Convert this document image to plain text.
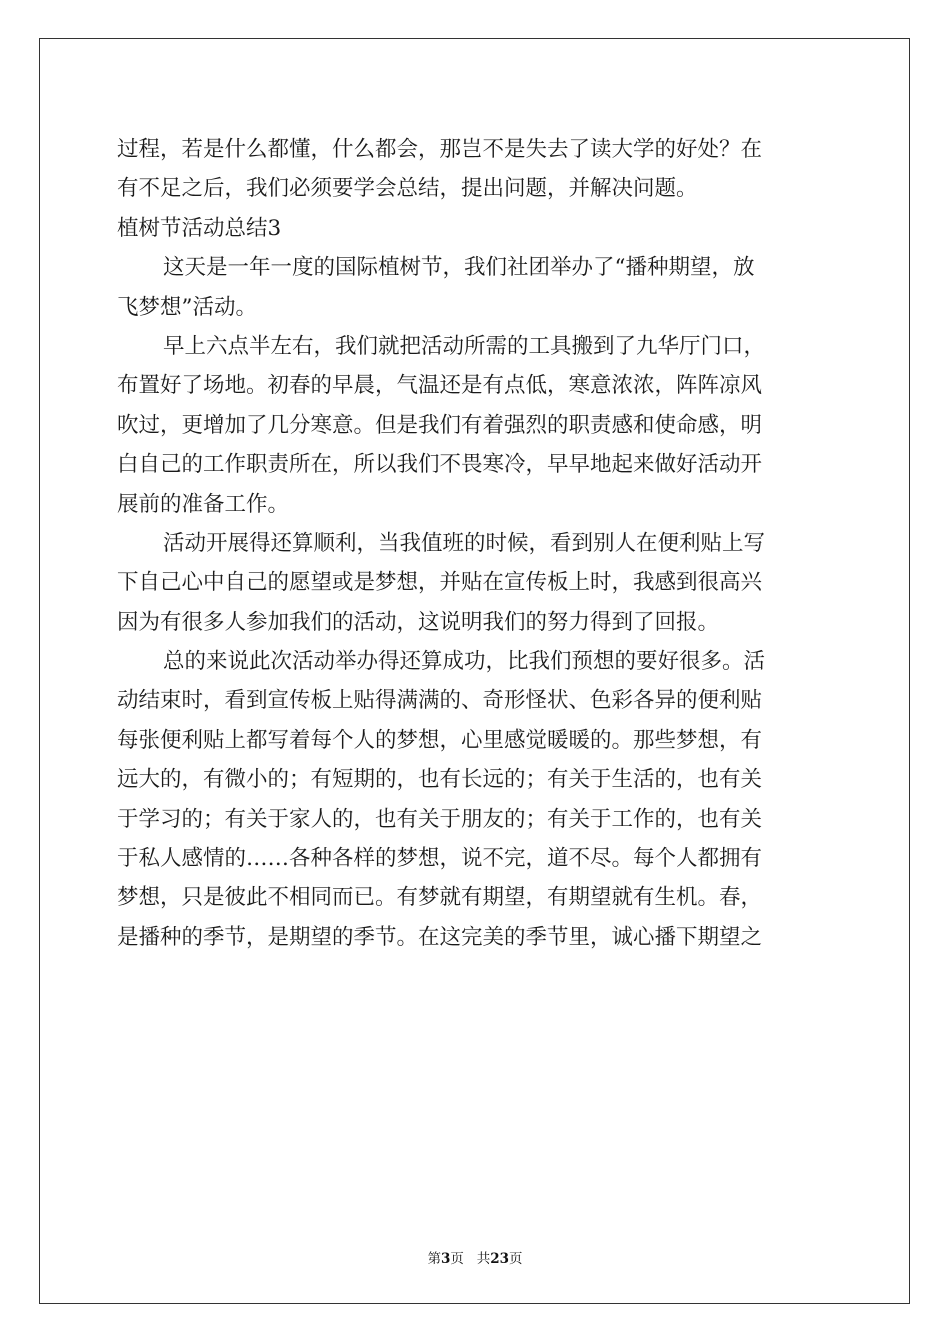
过程，若是什么都懂，什么都会，那岂不是失去了读大学的好处？在
有不足之后，我们必须要学会总结，提出问题，并解决问题。
植树节活动总结3
这天是一年一度的国际植树节，我们社团举办了“播种期望，放
飞梦想”活动。
早上六点半左右，我们就把活动所需的工具搬到了九华厅门口，
布置好了场地。初春的早晨，气温还是有点低，寒意浓浓，阵阵凉风
吹过，更增加了几分寒意。但是我们有着强烈的职责感和使命感，明
白自己的工作职责所在，所以我们不畏寒冷，早早地起来做好活动开
展前的准备工作。
活动开展得还算顺利，当我值班的时候，看到别人在便利贴上写
下自己心中自己的愿望或是梦想，并贴在宣传板上时，我感到很高兴
因为有很多人参加我们的活动，这说明我们的努力得到了回报。
总的来说此次活动举办得还算成功，比我们预想的要好很多。活
动结束时，看到宣传板上贴得满满的、奇形怪状、色彩各异的便利贴
每张便利贴上都写着每个人的梦想，心里感觉暖暖的。那些梦想，有
远大的，有微小的；有短期的，也有长远的；有关于生活的，也有关
于学习的；有关于家人的，也有关于朋友的；有关于工作的，也有关
于私人感情的……各种各样的梦想，说不完，道不尽。每个人都拥有
梦想，只是彼此不相同而已。有梦就有期望，有期望就有生机。春，
是播种的季节，是期望的季节。在这完美的季节里，诚心播下期望之
第3页 共23页
